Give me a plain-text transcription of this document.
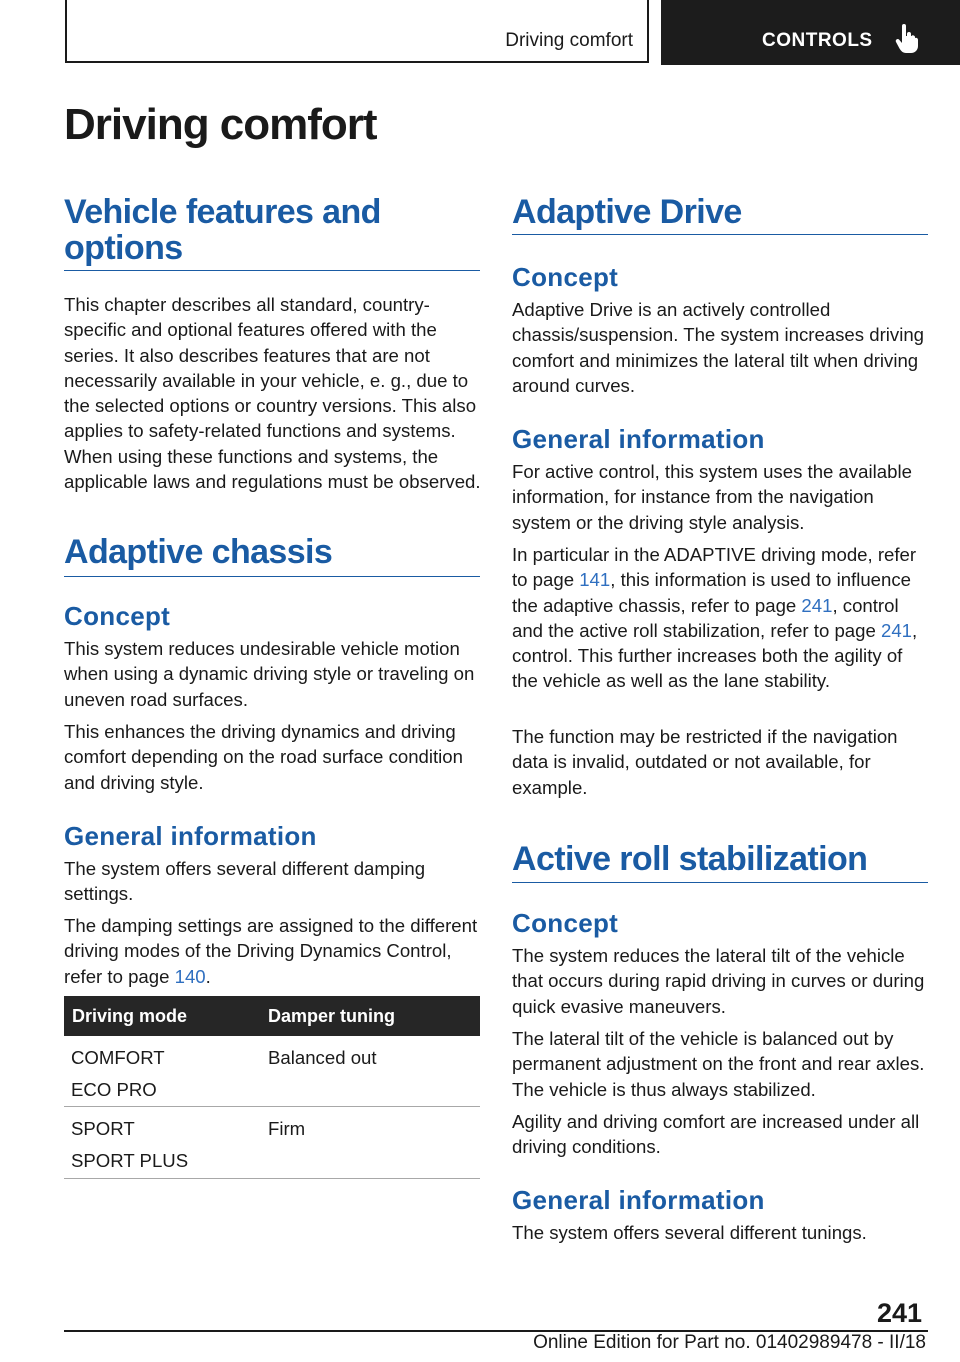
Driving comfort	CONTROLS
Driving comfort
Vehicle features and
options

This chapter describes all standard, country-specific and optional features offered with the series. It also describes features that are not necessarily available in your vehicle, e. g., due to the selected options or country versions. This also applies to safety-related functions and systems. When using these functions and systems, the applicable laws and regulations must be observed.

Adaptive chassis
Concept

This system reduces undesirable vehicle motion when using a dynamic driving style or traveling on uneven road surfaces.

This enhances the driving dynamics and driving comfort depending on the road surface condition and driving style.

General information

The system offers several different damping settings.

The damping settings are assigned to the different driving modes of the Driving Dynamics Control, refer to page 140.

Driving mode	Damper tuning
COMFORT
ECO PRO
Balanced out
SPORT
SPORT PLUS
Firm
Adaptive Drive
Concept

Adaptive Drive is an actively controlled chassis/suspension. The system increases driving comfort and minimizes the lateral tilt when driving around curves.

General information

For active control, this system uses the available information, for instance from the navigation system or the driving style analysis.

In particular in the ADAPTIVE driving mode, refer to page 141, this information is used to influence the adaptive chassis, refer to page 241, control and the active roll stabilization, refer to page 241, control. This further increases both the agility of the vehicle as well as the lane stability.

The function may be restricted if the navigation data is invalid, outdated or not available, for example.

Active roll stabilization
Concept

The system reduces the lateral tilt of the vehicle that occurs during rapid driving in curves or during quick evasive maneuvers.

The lateral tilt of the vehicle is balanced out by permanent adjustment on the front and rear axles. The vehicle is thus always stabilized.

Agility and driving comfort are increased under all driving conditions.

General information

The system offers several different tunings.

241
Online Edition for Part no. 01402989478 - II/18
